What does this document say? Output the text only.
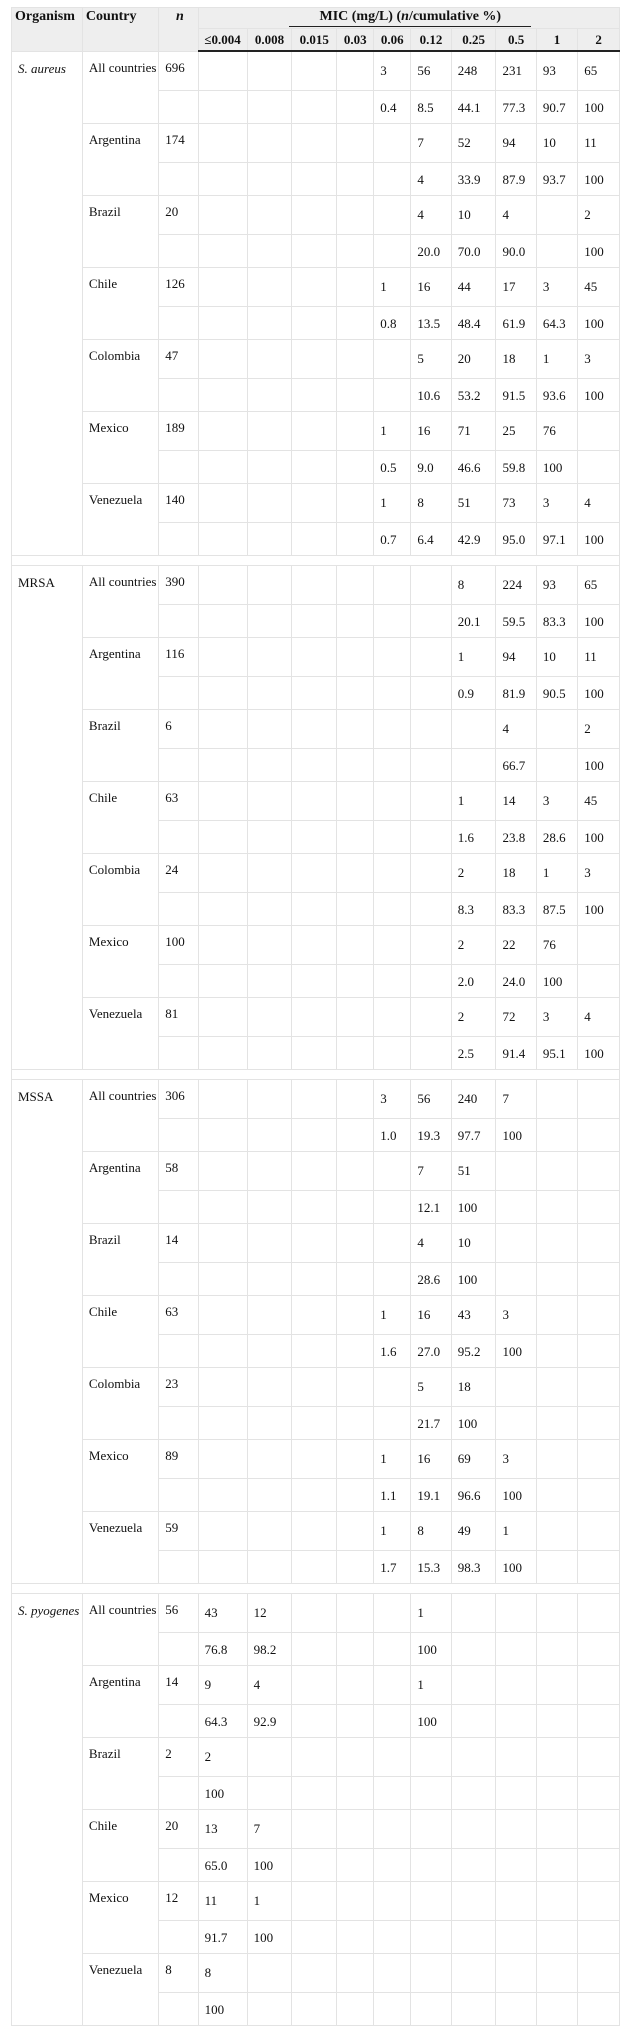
Organism	Country	n	MIC (mg/L) (n/cumulative %)									
			≤0.004	0.008	0.015	0.03	0.06	0.12	0.25	0.5	1	2
S. aureus	All countries	696					3	56	248	231	93	65
							0.4	8.5	44.1	77.3	90.7	100
	Argentina	174						7	52	94	10	11
								4	33.9	87.9	93.7	100
	Brazil	20						4	10	4		2
								20.0	70.0	90.0		100
	Chile	126					1	16	44	17	3	45
							0.8	13.5	48.4	61.9	64.3	100
	Colombia	47						5	20	18	1	3
								10.6	53.2	91.5	93.6	100
	Mexico	189					1	16	71	25	76	
							0.5	9.0	46.6	59.8	100	
	Venezuela	140					1	8	51	73	3	4
							0.7	6.4	42.9	95.0	97.1	100

MRSA	All countries	390							8	224	93	65
									20.1	59.5	83.3	100
	Argentina	116							1	94	10	11
									0.9	81.9	90.5	100
	Brazil	6								4		2
										66.7		100
	Chile	63							1	14	3	45
									1.6	23.8	28.6	100
	Colombia	24							2	18	1	3
									8.3	83.3	87.5	100
	Mexico	100							2	22	76	
									2.0	24.0	100	
	Venezuela	81							2	72	3	4
									2.5	91.4	95.1	100

MSSA	All countries	306					3	56	240	7		
							1.0	19.3	97.7	100		
	Argentina	58						7	51			
								12.1	100			
	Brazil	14						4	10			
								28.6	100			
	Chile	63					1	16	43	3		
							1.6	27.0	95.2	100		
	Colombia	23						5	18			
								21.7	100			
	Mexico	89					1	16	69	3		
							1.1	19.1	96.6	100		
	Venezuela	59					1	8	49	1		
							1.7	15.3	98.3	100		

S. pyogenes	All countries	56	43	12				1				
			76.8	98.2				100				
	Argentina	14	9	4				1				
			64.3	92.9				100				
	Brazil	2	2									
			100									
	Chile	20	13	7								
			65.0	100								
	Mexico	12	11	1								
			91.7	100								
	Venezuela	8	8									
			100									
